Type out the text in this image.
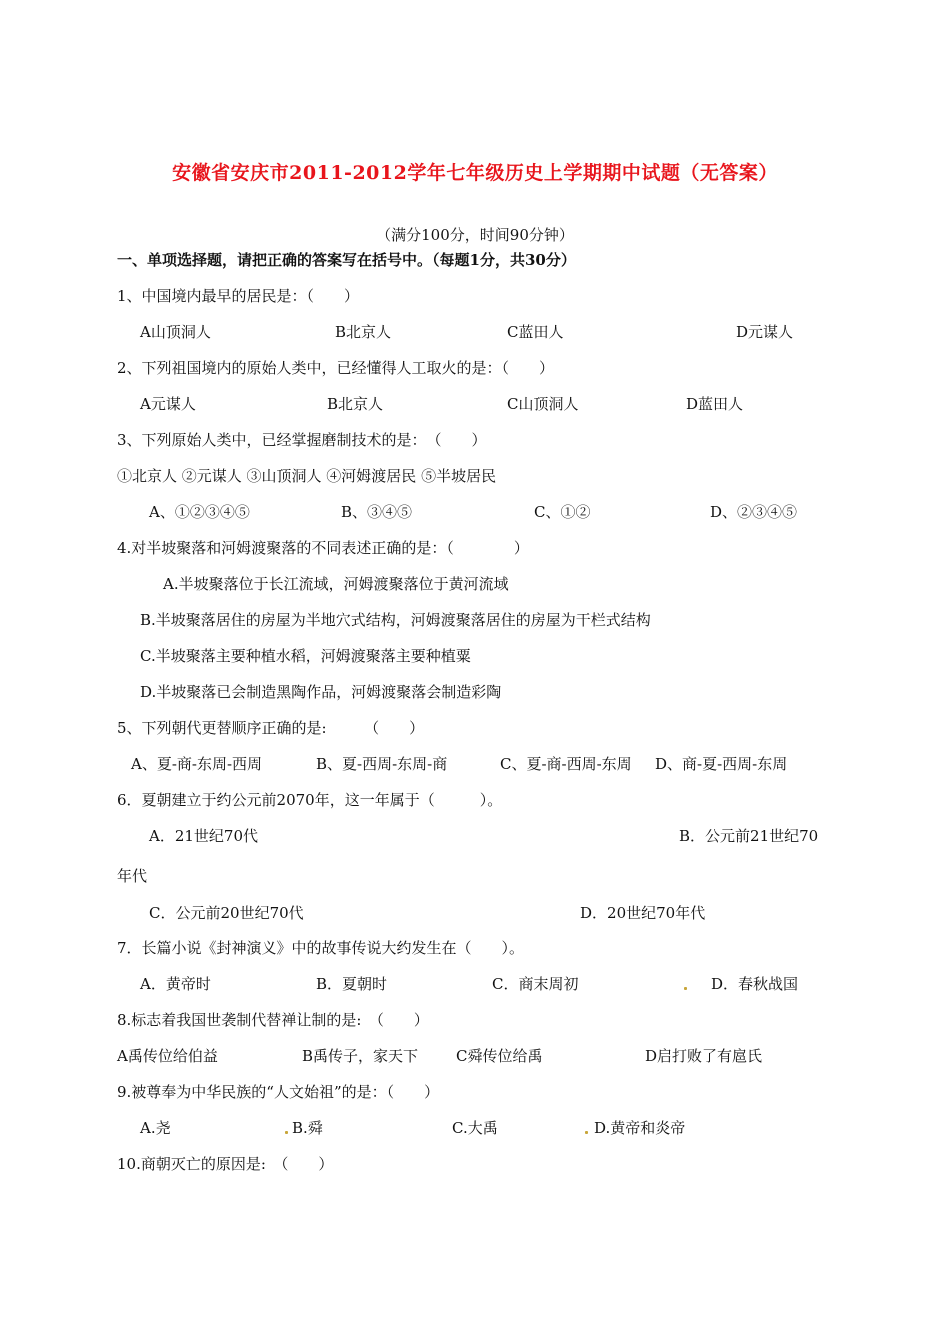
安徽省安庆市2011-2012学年七年级历史上学期期中试题（无答案）
（满分100分，时间90分钟）
一、单项选择题，请把正确的答案写在括号中。（每题1分，共30分）
1、中国境内最早的居民是：（　　）
A山顶洞人	B北京人	C蓝田人	D元谋人
2、下列祖国境内的原始人类中，已经懂得人工取火的是：（　　）
A元谋人	B北京人	C山顶洞人	D蓝田人
3、下列原始人类中，已经掌握磨制技术的是：　（　　）
①北京人 ②元谋人 ③山顶洞人 ④河姆渡居民 ⑤半坡居民
A、①②③④⑤	B、③④⑤	C、①②	D、②③④⑤
4.对半坡聚落和河姆渡聚落的不同表述正确的是：（　　　　）
A.半坡聚落位于长江流域，河姆渡聚落位于黄河流域
B.半坡聚落居住的房屋为半地穴式结构，河姆渡聚落居住的房屋为干栏式结构
C.半坡聚落主要种植水稻，河姆渡聚落主要种植粟
D.半坡聚落已会制造黑陶作品，河姆渡聚落会制造彩陶
5、下列朝代更替顺序正确的是:　　　（　　）
A、夏-商-东周-西周	B、夏-西周-东周-商	C、夏-商-西周-东周 D、商-夏-西周-东周
6．夏朝建立于约公元前2070年，这一年属于（　　　）。
A．21世纪70代	B．公元前21世纪70
年代
C．公元前20世纪70代	D．20世纪70年代
7．长篇小说《封神演义》中的故事传说大约发生在（　　）。
A．黄帝时	B．夏朝时	C．商末周初	D．春秋战国
8.标志着我国世袭制代替禅让制的是:　（　　）
A禹传位给伯益	B禹传子，家天下	C舜传位给禹	D启打败了有扈氏
9.被尊奉为中华民族的“人文始祖”的是：（　　）
A.尧	B.舜	C.大禹	D.黄帝和炎帝
10.商朝灭亡的原因是:　（　　）
